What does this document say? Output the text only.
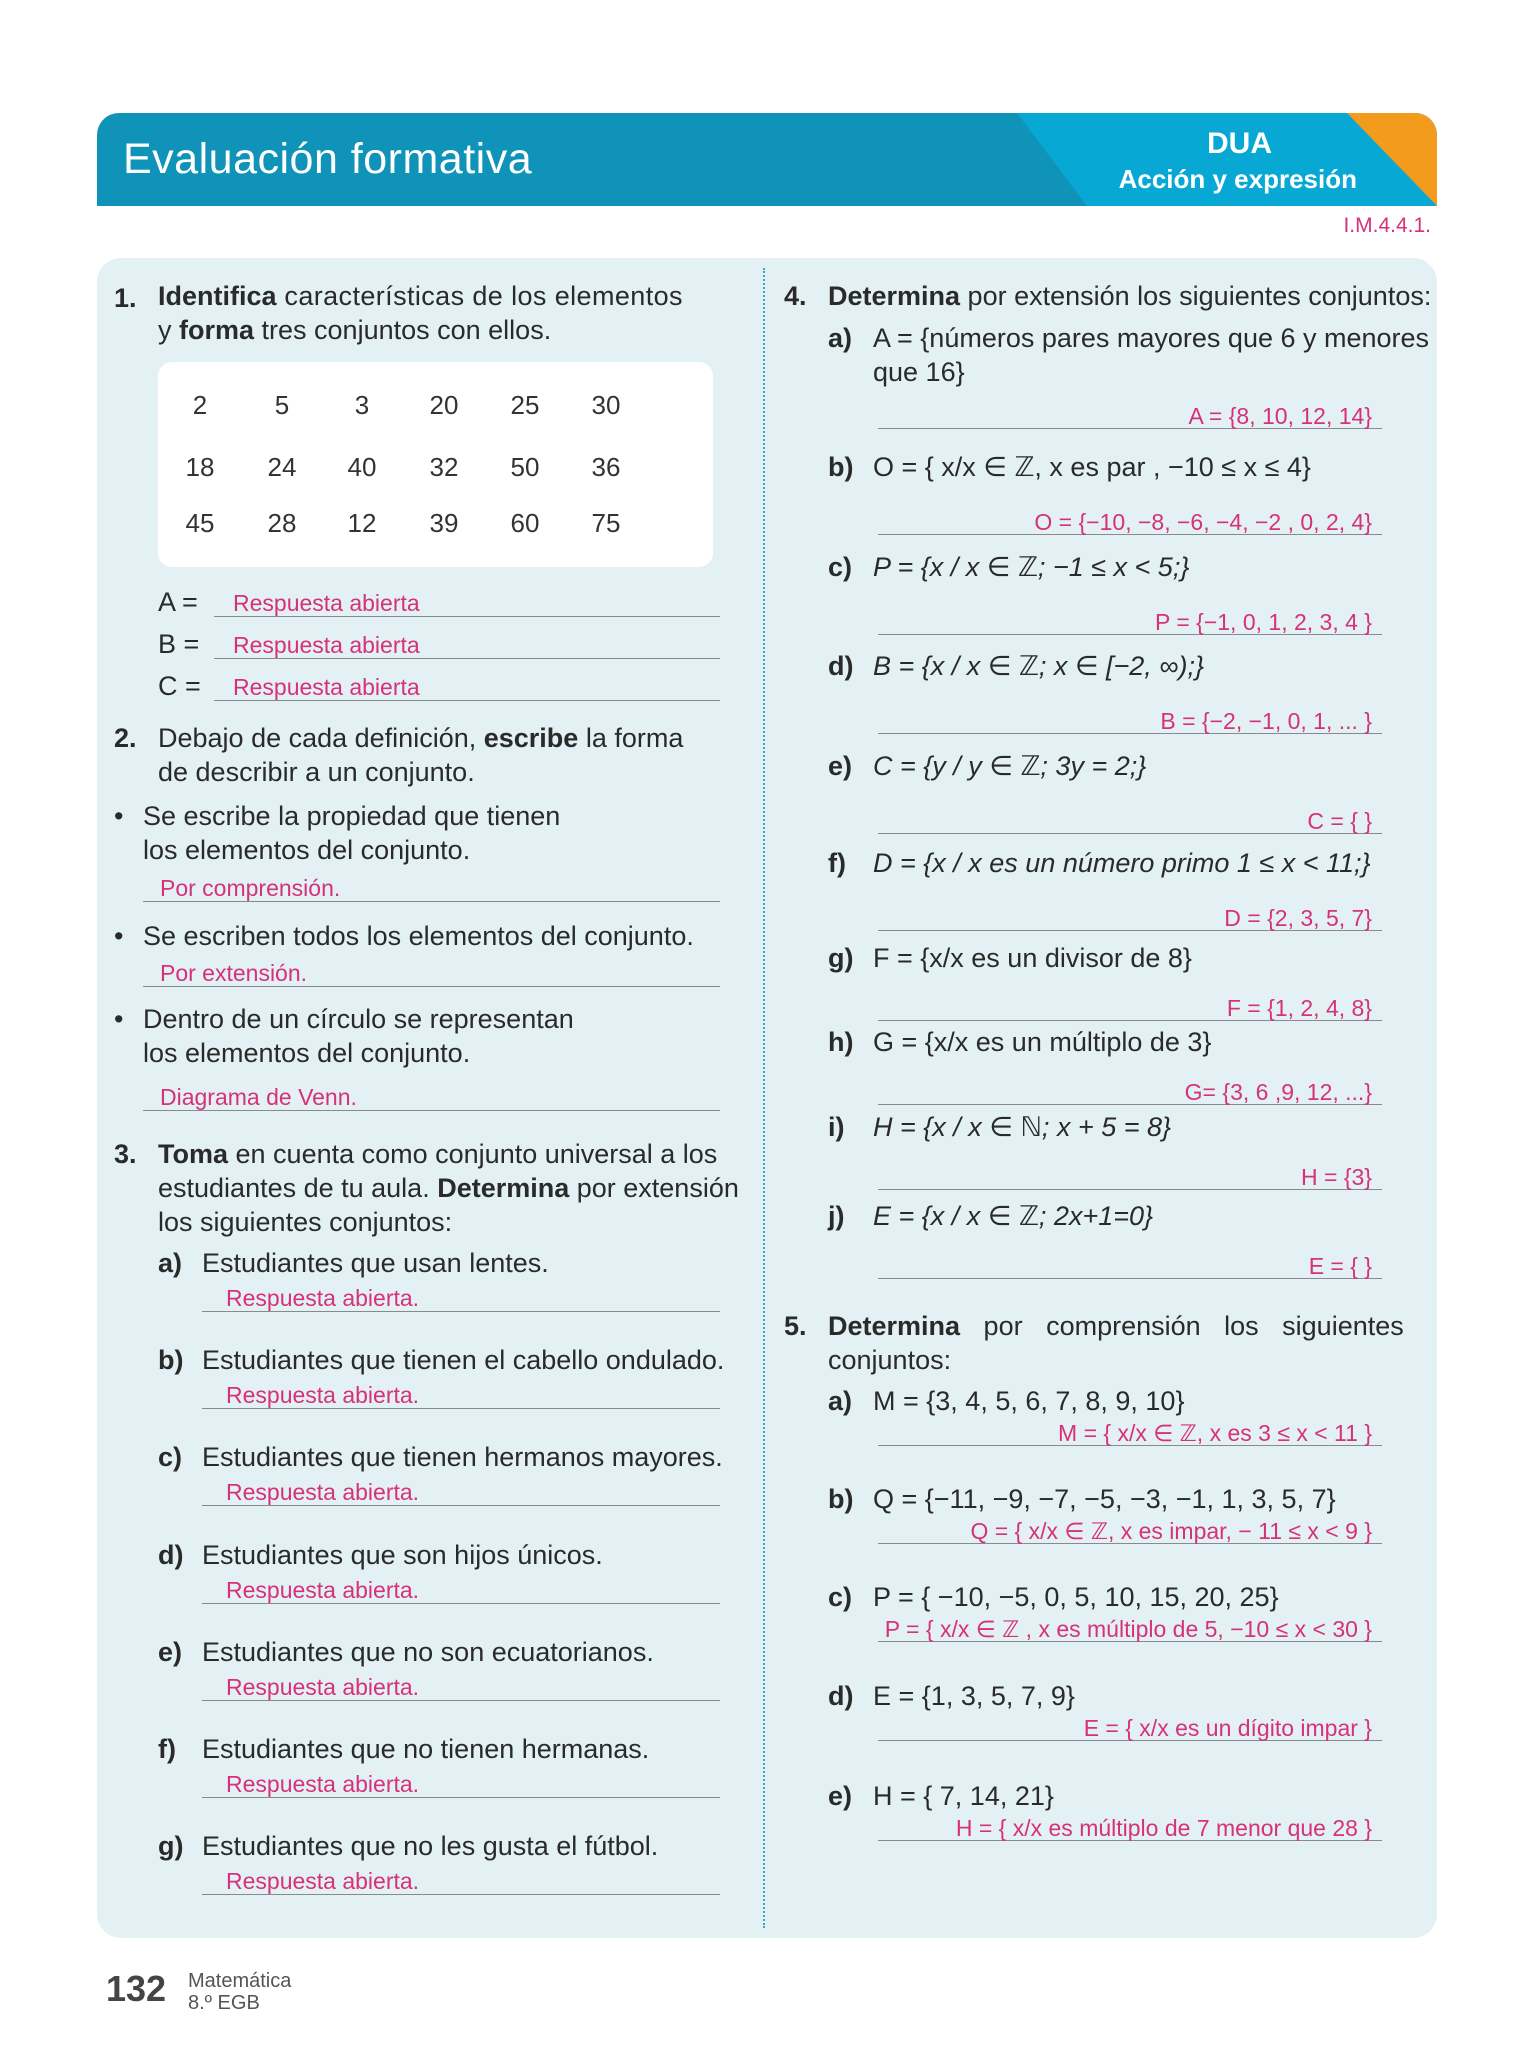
Evaluación formativa	DUA
Acción y expresión
I.M.4.4.1.
1. Identifica características de los elementos
y forma tres conjuntos con ellos.
2	5	3	20	25	30
18	24	40	32	50	36
45	28	12	39	60	75
A = Respuesta abierta
B = Respuesta abierta
C = Respuesta abierta
2. Debajo de cada definición, escribe la forma
de describir a un conjunto.
• Se escribe la propiedad que tienen
los elementos del conjunto.
Por comprensión.
• Se escriben todos los elementos del conjunto.
Por extensión.
• Dentro de un círculo se representan
los elementos del conjunto.
Diagrama de Venn.
3. Toma en cuenta como conjunto universal a los
estudiantes de tu aula. Determina por extensión
los siguientes conjuntos:
a) Estudiantes que usan lentes.
Respuesta abierta.
b) Estudiantes que tienen el cabello ondulado.
Respuesta abierta.
c) Estudiantes que tienen hermanos mayores.
Respuesta abierta.
d) Estudiantes que son hijos únicos.
Respuesta abierta.
e) Estudiantes que no son ecuatorianos.
Respuesta abierta.
f) Estudiantes que no tienen hermanas.
Respuesta abierta.
g) Estudiantes que no les gusta el fútbol.
Respuesta abierta.
4. Determina por extensión los siguientes conjuntos:
a) A = {números pares mayores que 6 y menores
que 16}
A = {8, 10, 12, 14}
b) O = { x/x ∈ ℤ, x es par , −10 ≤ x ≤ 4}
O = {−10, −8, −6, −4, −2 , 0, 2, 4}
c) P = {x / x ∈ ℤ; −1 ≤ x < 5;}
P = {−1, 0, 1, 2, 3, 4 }
d) B = {x / x ∈ ℤ; x ∈ [−2, ∞);}
B = {−2, −1, 0, 1, ... }
e) C = {y / y ∈ ℤ; 3y = 2;}
C = { }
f) D = {x / x es un número primo 1 ≤ x < 11;}
D = {2, 3, 5, 7}
g) F = {x/x es un divisor de 8}
F = {1, 2, 4, 8}
h) G = {x/x es un múltiplo de 3}
G= {3, 6 ,9, 12, ...}
i) H = {x / x ∈ ℕ; x + 5 = 8}
H = {3}
j) E = {x / x ∈ ℤ; 2x+1=0}
E = { }
5. Determina por comprensión los siguientes
conjuntos:
a) M = {3, 4, 5, 6, 7, 8, 9, 10}
M = { x/x ∈ ℤ, x es 3 ≤ x < 11 }
b) Q = {−11, −9, −7, −5, −3, −1, 1, 3, 5, 7}
Q = { x/x ∈ ℤ, x es impar, − 11 ≤ x < 9 }
c) P = { −10, −5, 0, 5, 10, 15, 20, 25}
P = { x/x ∈ ℤ , x es múltiplo de 5, −10 ≤ x < 30 }
d) E = {1, 3, 5, 7, 9}
E = { x/x es un dígito impar }
e) H = { 7, 14, 21}
H = { x/x es múltiplo de 7 menor que 28 }
132 Matemática
8.º EGB
